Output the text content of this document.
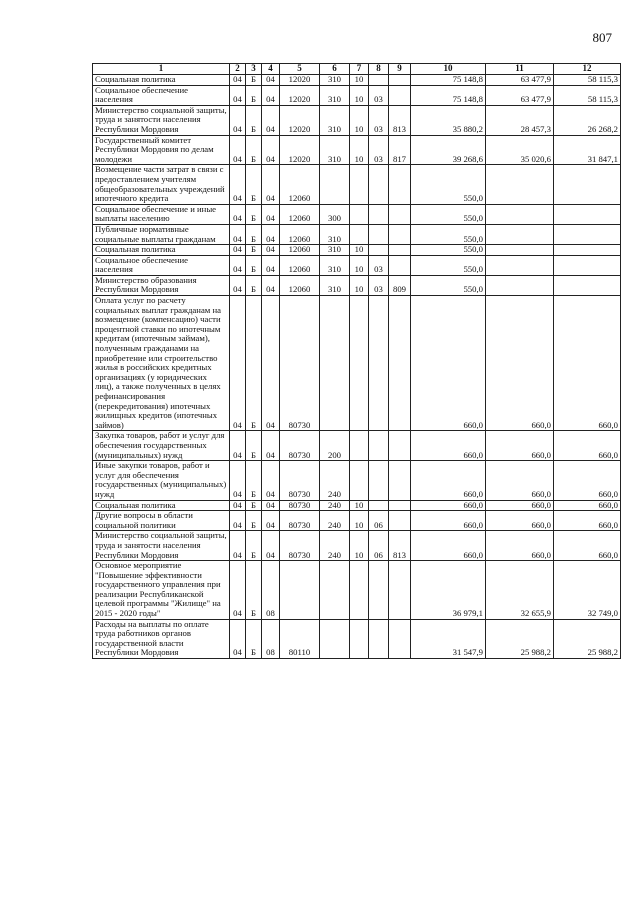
807
1	2	3	4	5	6	7	8	9	10	11	12
Социальная политика	04	Б	04	12020	310	10			75 148,8	63 477,9	58 115,3
Социальное обеспечение населения	04	Б	04	12020	310	10	03		75 148,8	63 477,9	58 115,3
Министерство социальной защиты, труда и занятости населения Республики Мордовия	04	Б	04	12020	310	10	03	813	35 880,2	28 457,3	26 268,2
Государственный комитет Республики Мордовия по делам молодежи	04	Б	04	12020	310	10	03	817	39 268,6	35 020,6	31 847,1
Возмещение части затрат в связи с предоставлением учителям общеобразовательных учреждений ипотечного кредита	04	Б	04	12060					550,0		
Социальное обеспечение и иные выплаты населению	04	Б	04	12060	300				550,0		
Публичные нормативные социальные выплаты гражданам	04	Б	04	12060	310				550,0		
Социальная политика	04	Б	04	12060	310	10			550,0		
Социальное обеспечение населения	04	Б	04	12060	310	10	03		550,0		
Министерство образования Республики Мордовия	04	Б	04	12060	310	10	03	809	550,0		
Оплата услуг по расчету социальных выплат гражданам на возмещение (компенсацию) части процентной ставки по ипотечным кредитам (ипотечным займам), полученным гражданами на приобретение или строительство жилья в российских кредитных организациях (у юридических лиц), а также полученных в целях рефинансирования (перекредитования) ипотечных жилищных кредитов (ипотечных займов)	04	Б	04	80730					660,0	660,0	660,0
Закупка товаров, работ и услуг для обеспечения государственных (муниципальных) нужд	04	Б	04	80730	200				660,0	660,0	660,0
Иные закупки товаров, работ и услуг для обеспечения государственных (муниципальных) нужд	04	Б	04	80730	240				660,0	660,0	660,0
Социальная политика	04	Б	04	80730	240	10			660,0	660,0	660,0
Другие вопросы в области социальной политики	04	Б	04	80730	240	10	06		660,0	660,0	660,0
Министерство социальной защиты, труда и занятости населения Республики Мордовия	04	Б	04	80730	240	10	06	813	660,0	660,0	660,0
Основное мероприятие "Повышение эффективности государственного управления при реализации Республиканской целевой программы "Жилище" на 2015 - 2020 годы"	04	Б	08						36 979,1	32 655,9	32 749,0
Расходы на выплаты по оплате труда работников органов государственной власти Республики Мордовия	04	Б	08	80110					31 547,9	25 988,2	25 988,2
